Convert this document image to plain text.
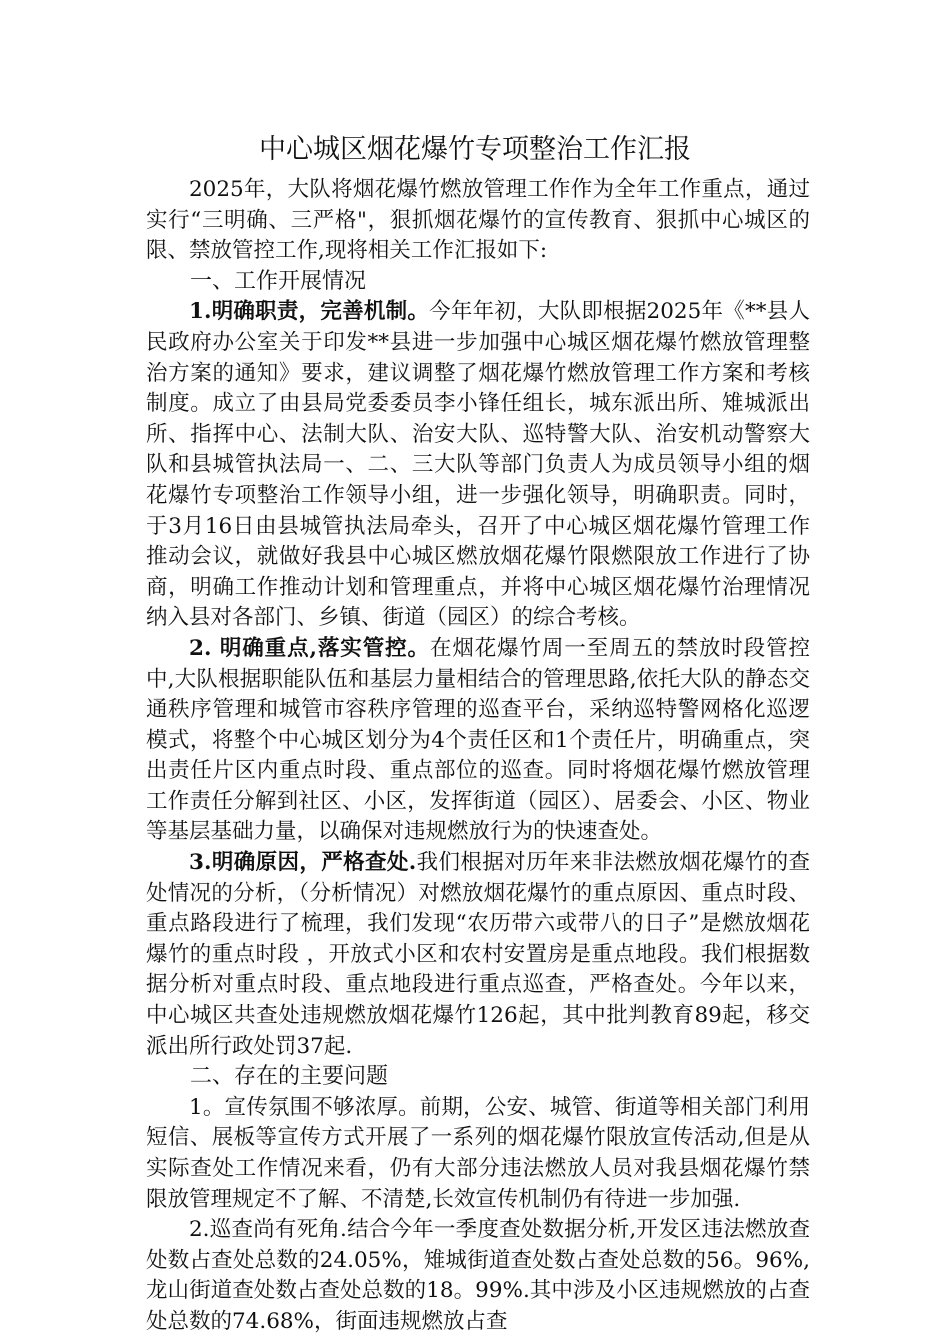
中心城区烟花爆竹专项整治工作汇报

2025年，大队将烟花爆竹燃放管理工作作为全年工作重点，通过实行“三明确、三严格"，狠抓烟花爆竹的宣传教育、狠抓中心城区的限、禁放管控工作,现将相关工作汇报如下:

一、工作开展情况

1.明确职责，完善机制。今年年初，大队即根据2025年《**县人民政府办公室关于印发**县进一步加强中心城区烟花爆竹燃放管理整治方案的通知》要求，建议调整了烟花爆竹燃放管理工作方案和考核制度。成立了由县局党委委员李小锋任组长，城东派出所、雉城派出所、指挥中心、法制大队、治安大队、巡特警大队、治安机动警察大队和县城管执法局一、二、三大队等部门负责人为成员领导小组的烟花爆竹专项整治工作领导小组，进一步强化领导，明确职责。同时，于3月16日由县城管执法局牵头，召开了中心城区烟花爆竹管理工作推动会议，就做好我县中心城区燃放烟花爆竹限燃限放工作进行了协商，明确工作推动计划和管理重点，并将中心城区烟花爆竹治理情况纳入县对各部门、乡镇、街道（园区）的综合考核。

2. 明确重点,落实管控。在烟花爆竹周一至周五的禁放时段管控中,大队根据职能队伍和基层力量相结合的管理思路,依托大队的静态交通秩序管理和城管市容秩序管理的巡查平台，采纳巡特警网格化巡逻模式，将整个中心城区划分为4个责任区和1个责任片，明确重点，突出责任片区内重点时段、重点部位的巡查。同时将烟花爆竹燃放管理工作责任分解到社区、小区，发挥街道（园区）、居委会、小区、物业等基层基础力量，以确保对违规燃放行为的快速查处。

3.明确原因，严格查处.我们根据对历年来非法燃放烟花爆竹的查处情况的分析，（分析情况）对燃放烟花爆竹的重点原因、重点时段、重点路段进行了梳理，我们发现“农历带六或带八的日子”是燃放烟花爆竹的重点时段 ，开放式小区和农村安置房是重点地段。我们根据数据分析对重点时段、重点地段进行重点巡查，严格查处。今年以来，中心城区共查处违规燃放烟花爆竹126起，其中批判教育89起，移交派出所行政处罚37起.

二、存在的主要问题

1。宣传氛围不够浓厚。前期，公安、城管、街道等相关部门利用短信、展板等宣传方式开展了一系列的烟花爆竹限放宣传活动,但是从实际查处工作情况来看，仍有大部分违法燃放人员对我县烟花爆竹禁限放管理规定不了解、不清楚,长效宣传机制仍有待进一步加强.

2.巡查尚有死角.结合今年一季度查处数据分析,开发区违法燃放查处数占查处总数的24.05%，雉城街道查处数占查处总数的56。96%,龙山街道查处数占查处总数的18。99%.其中涉及小区违规燃放的占查处总数的74.68%，街面违规燃放占查
